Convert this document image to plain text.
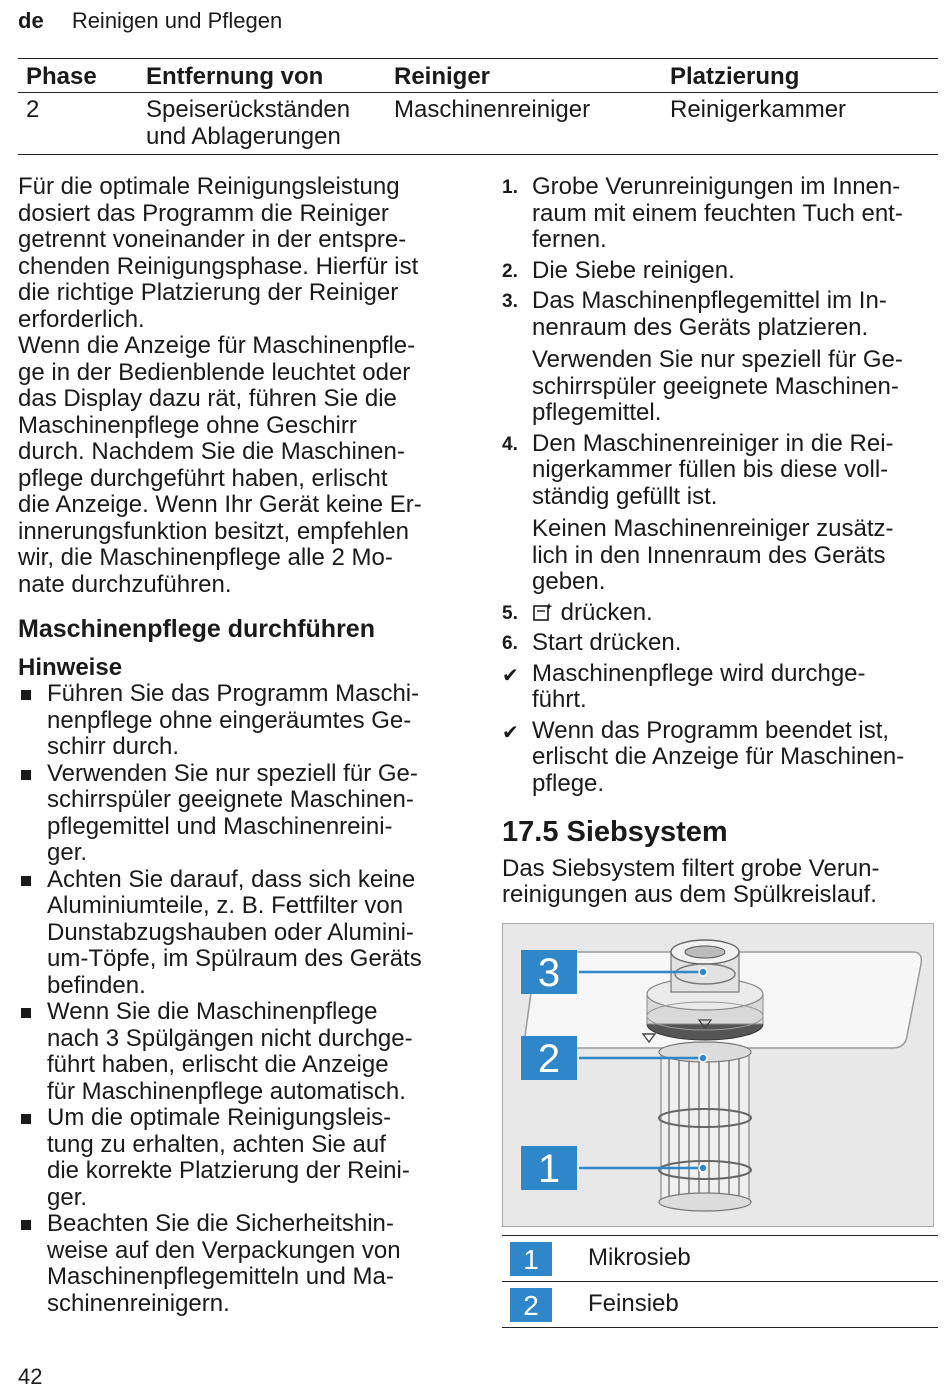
de Reinigen und Pflegen
Phase	Entfernung von	Reiniger	Platzierung
2	Speiserückständen
und Ablagerungen	Maschinenreiniger	Reinigerkammer

Für die optimale Reinigungsleistung
dosiert das Programm die Reiniger
getrennt voneinander in der entspre-
chenden Reinigungsphase. Hierfür ist
die richtige Platzierung der Reiniger
erforderlich.

Wenn die Anzeige für Maschinenpfle-
ge in der Bedienblende leuchtet oder
das Display dazu rät, führen Sie die
Maschinenpflege ohne Geschirr
durch. Nachdem Sie die Maschinen-
pflege durchgeführt haben, erlischt
die Anzeige. Wenn Ihr Gerät keine Er-
innerungsfunktion besitzt, empfehlen
wir, die Maschinenpflege alle 2 Mo-
nate durchzuführen.

Maschinenpflege durchführen
Hinweise
Führen Sie das Programm Maschi-
nenpflege ohne eingeräumtes Ge-
schirr durch.
Verwenden Sie nur speziell für Ge-
schirrspüler geeignete Maschinen-
pflegemittel und Maschinenreini-
ger.
Achten Sie darauf, dass sich keine
Aluminiumteile, z. B. Fettfilter von
Dunstabzugshauben oder Alumini-
um-Töpfe, im Spülraum des Geräts
befinden.
Wenn Sie die Maschinenpflege
nach 3 Spülgängen nicht durchge-
führt haben, erlischt die Anzeige
für Maschinenpflege automatisch.
Um die optimale Reinigungsleis-
tung zu erhalten, achten Sie auf
die korrekte Platzierung der Reini-
ger.
Beachten Sie die Sicherheitshin-
weise auf den Verpackungen von
Maschinenpflegemitteln und Ma-
schinenreinigern.
1. Grobe Verunreinigungen im Innen-
raum mit einem feuchten Tuch ent-
fernen.
2. Die Siebe reinigen.
3. Das Maschinenpflegemittel im In-
nenraum des Geräts platzieren.
Verwenden Sie nur speziell für Ge-
schirrspüler geeignete Maschinen-
pflegemittel.
4. Den Maschinenreiniger in die Rei-
nigerkammer füllen bis diese voll-
ständig gefüllt ist.
Keinen Maschinenreiniger zusätz-
lich in den Innenraum des Geräts
geben.
5. drücken.
6. Start drücken.
✔ Maschinenpflege wird durchge-
führt.
✔ Wenn das Programm beendet ist,
erlischt die Anzeige für Maschinen-
pflege.
17.5 Siebsystem

Das Siebsystem filtert grobe Verun-
reinigungen aus dem Spülkreislauf.

3
2
1
1	Mikrosieb
2	Feinsieb
42
